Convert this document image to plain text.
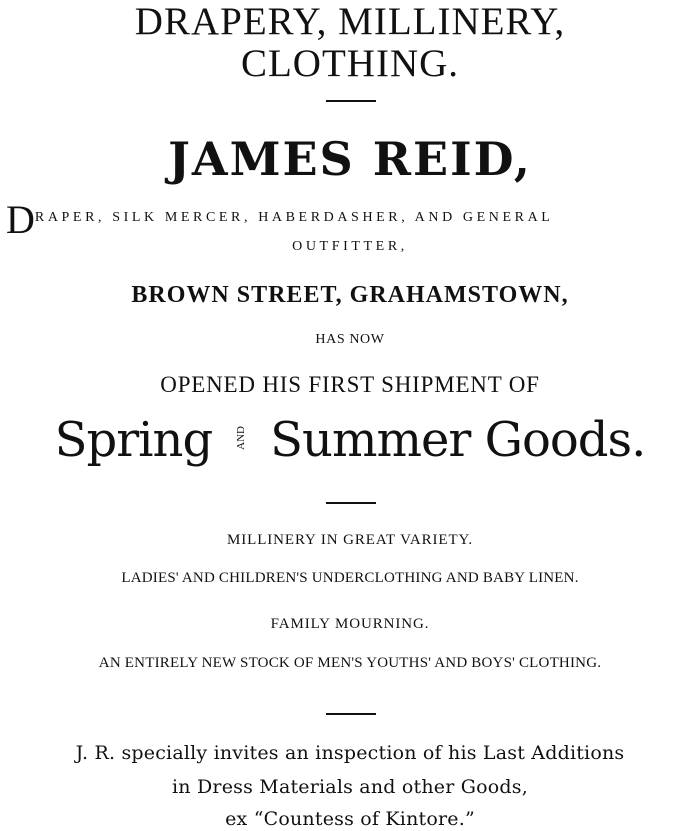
DRAPERY, MILLINERY,
CLOTHING.
JAMES REID,
DRAPER, SILK MERCER, HABERDASHER, AND GENERAL
OUTFITTER,
BROWN STREET, GRAHAMSTOWN,
HAS NOW
OPENED HIS FIRST SHIPMENT OF
Spring AND Summer Goods.
MILLINERY IN GREAT VARIETY.
LADIES' AND CHILDREN'S UNDERCLOTHING AND BABY LINEN.
FAMILY MOURNING.
AN ENTIRELY NEW STOCK OF MEN'S YOUTHS' AND BOYS' CLOTHING.
J. R. specially invites an inspection of his Last Additions
in Dress Materials and other Goods,
ex “Countess of Kintore.”
